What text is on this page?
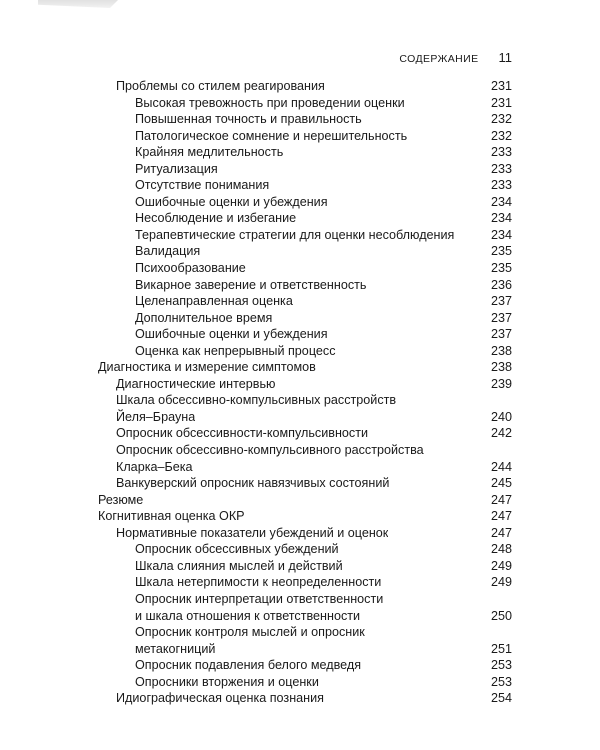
СОДЕРЖАНИЕ 11
Проблемы со стилем реагирования	231
Высокая тревожность при проведении оценки	231
Повышенная точность и правильность	232
Патологическое сомнение и нерешительность	232
Крайняя медлительность	233
Ритуализация	233
Отсутствие понимания	233
Ошибочные оценки и убеждения	234
Несоблюдение и избегание	234
Терапевтические стратегии для оценки несоблюдения	234
Валидация	235
Психообразование	235
Викарное заверение и ответственность	236
Целенаправленная оценка	237
Дополнительное время	237
Ошибочные оценки и убеждения	237
Оценка как непрерывный процесс	238
Диагностика и измерение симптомов	238
Диагностические интервью	239
Шкала обсессивно-компульсивных расстройств
Йеля–Брауна	240
Опросник обсессивности-компульсивности	242
Опросник обсессивно-компульсивного расстройства
Кларка–Бека	244
Ванкуверский опросник навязчивых состояний	245
Резюме	247
Когнитивная оценка ОКР	247
Нормативные показатели убеждений и оценок	247
Опросник обсессивных убеждений	248
Шкала слияния мыслей и действий	249
Шкала нетерпимости к неопределенности	249
Опросник интерпретации ответственности
и шкала отношения к ответственности	250
Опросник контроля мыслей и опросник
метакогниций	251
Опросник подавления белого медведя	253
Опросники вторжения и оценки	253
Идиографическая оценка познания	254
